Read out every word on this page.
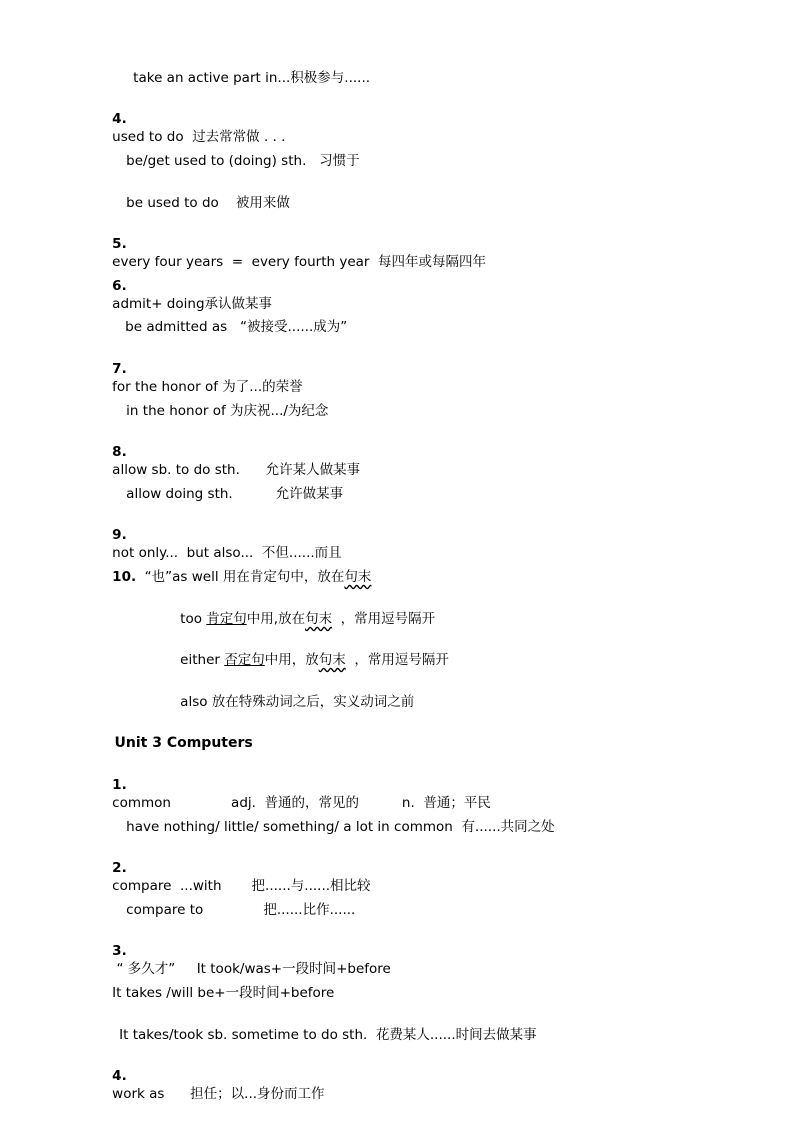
take an active part in...积极参与......

4.
used to do  过去常常做 . . .

be/get used to (doing) sth.   习惯于

be used to do    被用来做

5.
every four years  =  every fourth year  每四年或每隔四年

6.
admit+ doing承认做某事

be admitted as   “被接受......成为”

7.
for the honor of 为了...的荣誉

in the honor of 为庆祝.../为纪念

8.
allow sb. to do sth.      允许某人做某事

allow doing sth.          允许做某事

9.
not only...  but also...  不但......而且

10.  “也”as well 用在肯定句中，放在句末

too 肯定句中用,放在句末  ，常用逗号隔开

either 否定句中用，放句末  ，常用逗号隔开

also 放在特殊动词之后，实义动词之前

Unit 3 Computers

1.
common              adj.  普通的，常见的          n.  普通；平民

have nothing/ little/ something/ a lot in common  有......共同之处

2.
compare  ...with       把......与......相比较

compare to              把......比作......

3.
“ 多久才”     It took/was+一段时间+before

It takes /will be+一段时间+before

It takes/took sb. sometime to do sth.  花费某人......时间去做某事

4.
work as      担任；以...身份而工作
